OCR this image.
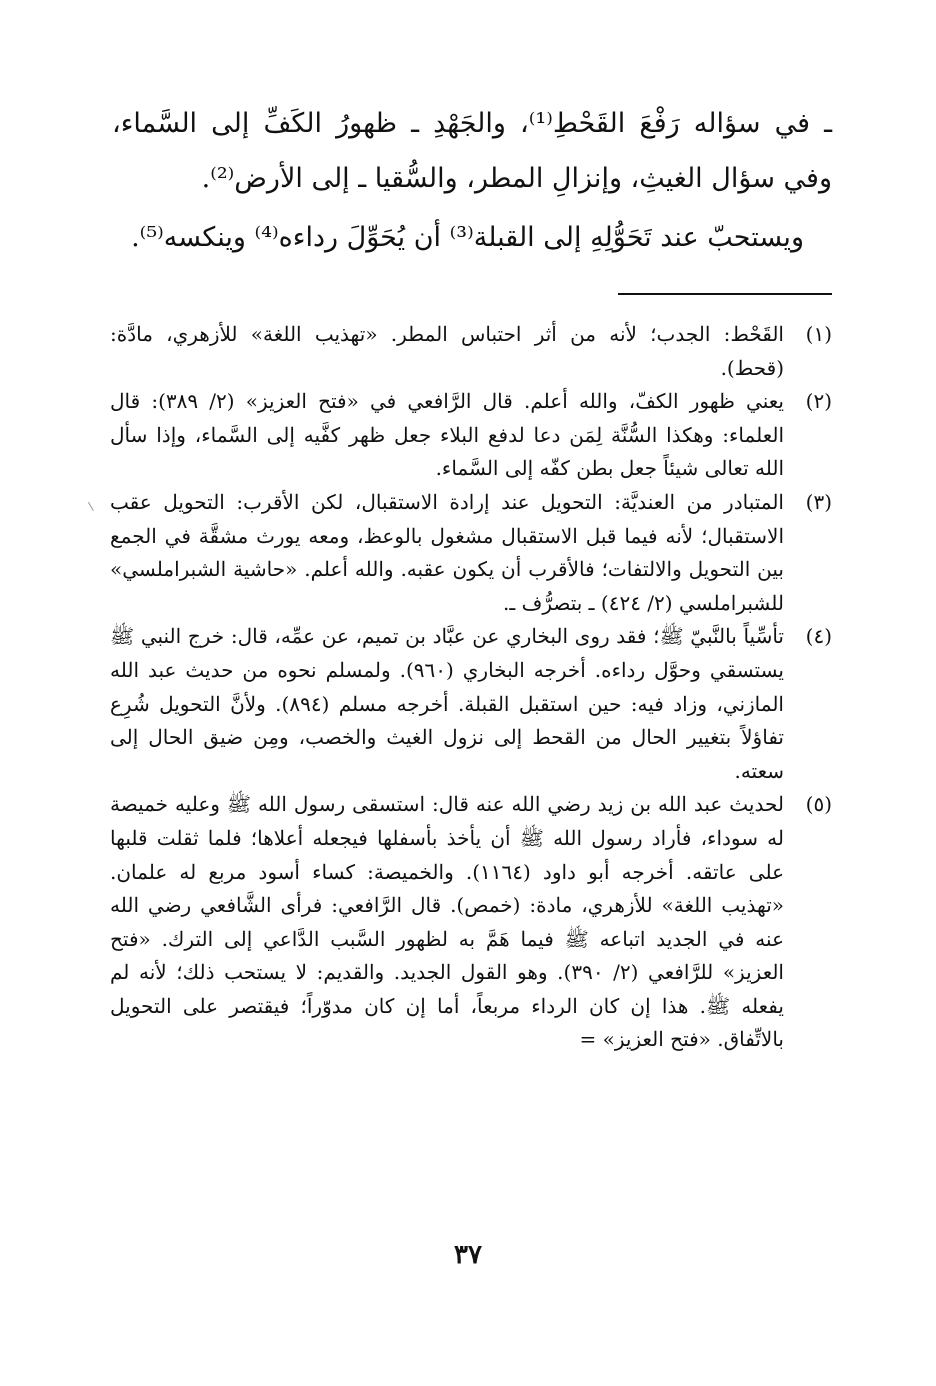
ـ في سؤاله رَفْعَ القَحْطِ⁽¹⁾، والجَهْدِ ـ ظهورُ الكَفِّ إلى السَّماء، وفي سؤال الغيثِ، وإنزالِ المطر، والسُّقيا ـ إلى الأرض⁽²⁾.

ويستحبّ عند تَحَوُّلِهِ إلى القبلة⁽³⁾ أن يُحَوِّلَ رداءه⁽⁴⁾ وينكسه⁽⁵⁾.

(١)
القَحْط: الجدب؛ لأنه من أثر احتباس المطر. «تهذيب اللغة» للأزهري، مادَّة: (قحط).
(٢)
يعني ظهور الكفّ، والله أعلم. قال الرَّافعي في «فتح العزيز» (٢/ ٣٨٩): قال العلماء: وهكذا السُّنَّة لِمَن دعا لدفع البلاء جعل ظهر كفَّيه إلى السَّماء، وإذا سأل الله تعالى شيئاً جعل بطن كفّه إلى السَّماء.
(٣)
المتبادر من العنديَّة: التحويل عند إرادة الاستقبال، لكن الأقرب: التحويل عقب الاستقبال؛ لأنه فيما قبل الاستقبال مشغول بالوعظ، ومعه يورث مشقَّة في الجمع بين التحويل والالتفات؛ فالأقرب أن يكون عقبه. والله أعلم. «حاشية الشبراملسي» للشبراملسي (٢/ ٤٢٤) ـ بتصرُّف ـ.
(٤)
تأسِّياً بالنَّبيّ ﷺ؛ فقد روى البخاري عن عبَّاد بن تميم، عن عمِّه، قال: خرج النبي ﷺ يستسقي وحوَّل رداءه. أخرجه البخاري (٩٦٠). ولمسلم نحوه من حديث عبد الله المازني، وزاد فيه: حين استقبل القبلة. أخرجه مسلم (٨٩٤). ولأنَّ التحويل شُرِع تفاؤلاً بتغيير الحال من القحط إلى نزول الغيث والخصب، ومِن ضيق الحال إلى سعته.
(٥)
لحديث عبد الله بن زيد رضي الله عنه قال: استسقى رسول الله ﷺ وعليه خميصة له سوداء، فأراد رسول الله ﷺ أن يأخذ بأسفلها فيجعله أعلاها؛ فلما ثقلت قلبها على عاتقه. أخرجه أبو داود (١١٦٤). والخميصة: كساء أسود مربع له علمان. «تهذيب اللغة» للأزهري، مادة: (خمص). قال الرَّافعي: فرأى الشَّافعي رضي الله عنه في الجديد اتباعه ﷺ فيما هَمَّ به لظهور السَّبب الدَّاعي إلى الترك. «فتح العزيز» للرَّافعي (٢/ ٣٩٠). وهو القول الجديد. والقديم: لا يستحب ذلك؛ لأنه لم يفعله ﷺ. هذا إن كان الرداء مربعاً، أما إن كان مدوّراً؛ فيقتصر على التحويل بالاتِّفاق. «فتح العزيز» =
٣٧
